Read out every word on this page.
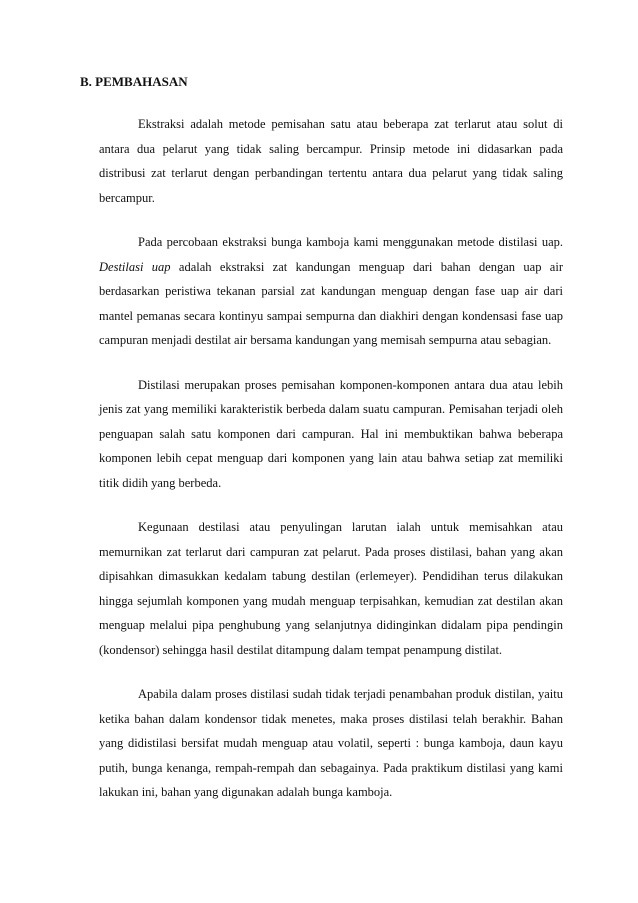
B. PEMBAHASAN

Ekstraksi adalah metode pemisahan satu atau beberapa zat terlarut atau solut di antara dua pelarut yang tidak saling bercampur. Prinsip metode ini didasarkan pada distribusi zat terlarut dengan perbandingan tertentu antara dua pelarut yang tidak saling bercampur.

Pada percobaan ekstraksi bunga kamboja kami menggunakan metode distilasi uap. Destilasi uap adalah ekstraksi zat kandungan menguap dari bahan dengan uap air berdasarkan peristiwa tekanan parsial zat kandungan menguap dengan fase uap air dari mantel pemanas secara kontinyu sampai sempurna dan diakhiri dengan kondensasi fase uap campuran menjadi destilat air bersama kandungan yang memisah sempurna atau sebagian.

Distilasi merupakan proses pemisahan komponen-komponen antara dua atau lebih jenis zat yang memiliki karakteristik berbeda dalam suatu campuran. Pemisahan terjadi oleh penguapan salah satu komponen dari campuran. Hal ini membuktikan bahwa beberapa komponen lebih cepat menguap dari komponen yang lain atau bahwa setiap zat memiliki titik didih yang berbeda.

Kegunaan destilasi atau penyulingan larutan ialah untuk memisahkan atau memurnikan zat terlarut dari campuran zat pelarut. Pada proses distilasi, bahan yang akan dipisahkan dimasukkan kedalam tabung destilan (erlemeyer). Pendidihan terus dilakukan hingga sejumlah komponen yang mudah menguap terpisahkan, kemudian zat destilan akan menguap melalui pipa penghubung yang selanjutnya didinginkan didalam pipa pendingin (kondensor) sehingga hasil destilat ditampung dalam tempat penampung distilat.

Apabila dalam proses distilasi sudah tidak terjadi penambahan produk distilan, yaitu ketika bahan dalam kondensor tidak menetes, maka proses distilasi telah berakhir. Bahan yang didistilasi bersifat mudah menguap atau volatil, seperti : bunga kamboja, daun kayu putih, bunga kenanga, rempah-rempah dan sebagainya. Pada praktikum distilasi yang kami lakukan ini, bahan yang digunakan adalah bunga kamboja.
